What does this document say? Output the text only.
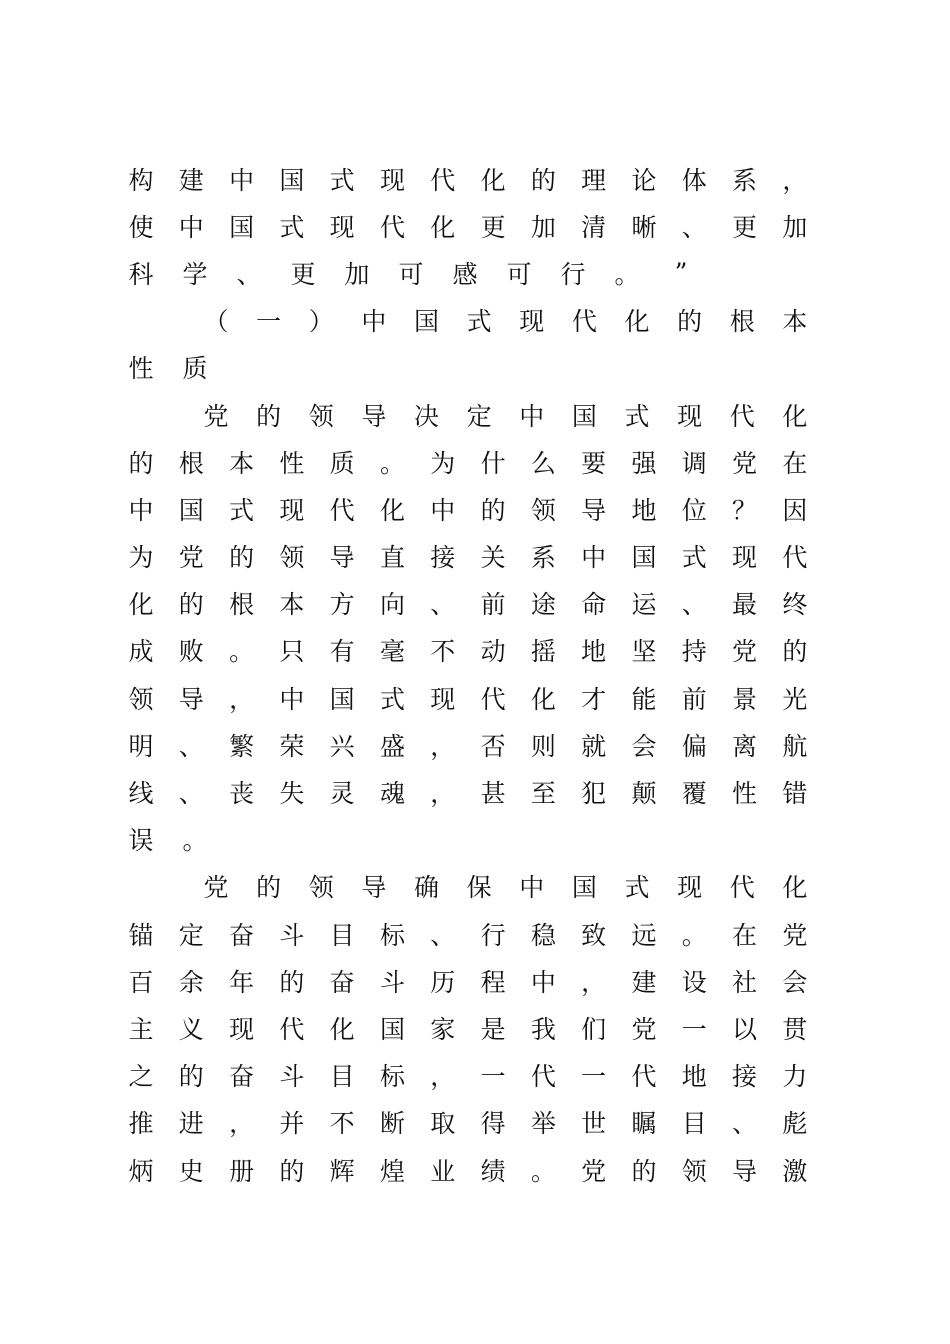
构 建 中 国 式 现 代 化 的 理 论 体 系 ，
使 中 国 式 现 代 化 更 加 清 晰 、 更 加
科 学 、 更 加 可 感 可 行 。 ”
（ 一 ） 中 国 式 现 代 化 的 根 本
性 质
党 的 领 导 决 定 中 国 式 现 代 化
的 根 本 性 质 。 为 什 么 要 强 调 党 在
中 国 式 现 代 化 中 的 领 导 地 位 ？ 因
为 党 的 领 导 直 接 关 系 中 国 式 现 代
化 的 根 本 方 向 、 前 途 命 运 、 最 终
成 败 。 只 有 毫 不 动 摇 地 坚 持 党 的
领 导 ， 中 国 式 现 代 化 才 能 前 景 光
明 、 繁 荣 兴 盛 ， 否 则 就 会 偏 离 航
线 、 丧 失 灵 魂 ， 甚 至 犯 颠 覆 性 错
误 。
党 的 领 导 确 保 中 国 式 现 代 化
锚 定 奋 斗 目 标 、 行 稳 致 远 。 在 党
百 余 年 的 奋 斗 历 程 中 ， 建 设 社 会
主 义 现 代 化 国 家 是 我 们 党 一 以 贯
之 的 奋 斗 目 标 ， 一 代 一 代 地 接 力
推 进 ， 并 不 断 取 得 举 世 瞩 目 、 彪
炳 史 册 的 辉 煌 业 绩 。 党 的 领 导 激
